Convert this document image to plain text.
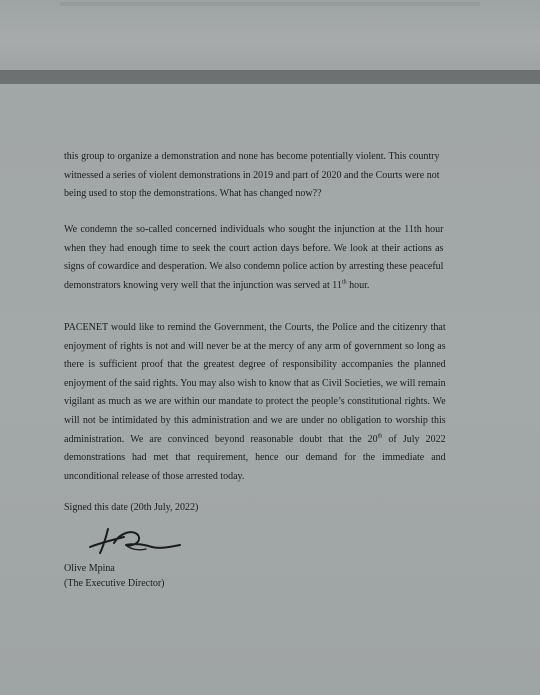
this group to organize a demonstration and none has become potentially violent. This country
witnessed a series of violent demonstrations in 2019 and part of 2020 and the Courts were not
being used to stop the demonstrations. What has changed now??

We condemn the so-called concerned individuals who sought the injunction at the 11th hour
when they had enough time to seek the court action days before. We look at their actions as
signs of cowardice and desperation. We also condemn police action by arresting these peaceful
demonstrators knowing very well that the injunction was served at 11th hour.

PACENET would like to remind the Government, the Courts, the Police and the citizenry that
enjoyment of rights is not and will never be at the mercy of any arm of government so long as
there is sufficient proof that the greatest degree of responsibility accompanies the planned
enjoyment of the said rights. You may also wish to know that as Civil Societies, we will remain
vigilant as much as we are within our mandate to protect the people’s constitutional rights. We
will not be intimidated by this administration and we are under no obligation to worship this
administration. We are convinced beyond reasonable doubt that the 20th of July 2022
demonstrations had met that requirement, hence our demand for the immediate and
unconditional release of those arrested today.

Signed this date (20th July, 2022)
Olive Mpina
(The Executive Director)
